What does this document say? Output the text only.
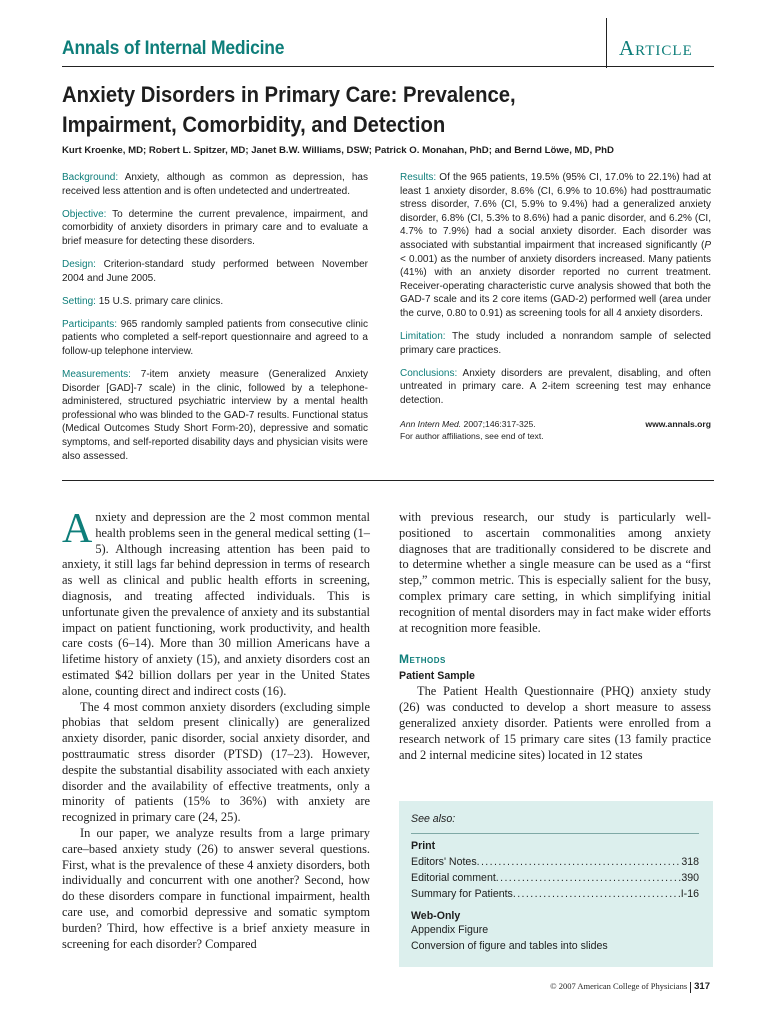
Annals of Internal Medicine	Article
Anxiety Disorders in Primary Care: Prevalence, Impairment, Comorbidity, and Detection
Kurt Kroenke, MD; Robert L. Spitzer, MD; Janet B.W. Williams, DSW; Patrick O. Monahan, PhD; and Bernd Löwe, MD, PhD

Background: Anxiety, although as common as depression, has received less attention and is often undetected and undertreated.

Objective: To determine the current prevalence, impairment, and comorbidity of anxiety disorders in primary care and to evaluate a brief measure for detecting these disorders.

Design: Criterion-standard study performed between November 2004 and June 2005.

Setting: 15 U.S. primary care clinics.

Participants: 965 randomly sampled patients from consecutive clinic patients who completed a self-report questionnaire and agreed to a follow-up telephone interview.

Measurements: 7-item anxiety measure (Generalized Anxiety Disorder [GAD]-7 scale) in the clinic, followed by a telephone-administered, structured psychiatric interview by a mental health professional who was blinded to the GAD-7 results. Functional status (Medical Outcomes Study Short Form-20), depressive and somatic symptoms, and self-reported disability days and physician visits were also assessed.

Results: Of the 965 patients, 19.5% (95% CI, 17.0% to 22.1%) had at least 1 anxiety disorder, 8.6% (CI, 6.9% to 10.6%) had posttraumatic stress disorder, 7.6% (CI, 5.9% to 9.4%) had a generalized anxiety disorder, 6.8% (CI, 5.3% to 8.6%) had a panic disorder, and 6.2% (CI, 4.7% to 7.9%) had a social anxiety disorder. Each disorder was associated with substantial impairment that increased significantly (P < 0.001) as the number of anxiety disorders increased. Many patients (41%) with an anxiety disorder reported no current treatment. Receiver-operating characteristic curve analysis showed that both the GAD-7 scale and its 2 core items (GAD-2) performed well (area under the curve, 0.80 to 0.91) as screening tools for all 4 anxiety disorders.

Limitation: The study included a nonrandom sample of selected primary care practices.

Conclusions: Anxiety disorders are prevalent, disabling, and often untreated in primary care. A 2-item screening test may enhance detection.

Ann Intern Med. 2007;146:317-325.	www.annals.org
For author affiliations, see end of text.

Anxiety and depression are the 2 most common mental health problems seen in the general medical setting (1–5). Although increasing attention has been paid to anxiety, it still lags far behind depression in terms of research as well as clinical and public health efforts in screening, diagnosis, and treating affected individuals. This is unfortunate given the prevalence of anxiety and its substantial impact on patient functioning, work productivity, and health care costs (6–14). More than 30 million Americans have a lifetime history of anxiety (15), and anxiety disorders cost an estimated $42 billion dollars per year in the United States alone, counting direct and indirect costs (16).

The 4 most common anxiety disorders (excluding simple phobias that seldom present clinically) are generalized anxiety disorder, panic disorder, social anxiety disorder, and posttraumatic stress disorder (PTSD) (17–23). However, despite the substantial disability associated with each anxiety disorder and the availability of effective treatments, only a minority of patients (15% to 36%) with anxiety are recognized in primary care (24, 25).

In our paper, we analyze results from a large primary care–based anxiety study (26) to answer several questions. First, what is the prevalence of these 4 anxiety disorders, both individually and concurrent with one another? Second, how do these disorders compare in functional impairment, health care use, and comorbid depressive and somatic symptom burden? Third, how effective is a brief anxiety measure in screening for each disorder? Compared

with previous research, our study is particularly well-positioned to ascertain commonalities among anxiety diagnoses that are traditionally considered to be discrete and to determine whether a single measure can be used as a “first step,” common metric. This is especially salient for the busy, complex primary care setting, in which simplifying initial recognition of mental disorders may in fact make wider efforts at recognition more feasible.

Methods

Patient Sample

The Patient Health Questionnaire (PHQ) anxiety study (26) was conducted to develop a short measure to assess generalized anxiety disorder. Patients were enrolled from a research network of 15 primary care sites (13 family practice and 2 internal medicine sites) located in 12 states

See also:

Print

Editors' Notes .....	318
Editorial comment .....	390
Summary for Patients .....	I-16

Web-Only

Appendix Figure

Conversion of figure and tables into slides

© 2007 American College of Physicians 317
